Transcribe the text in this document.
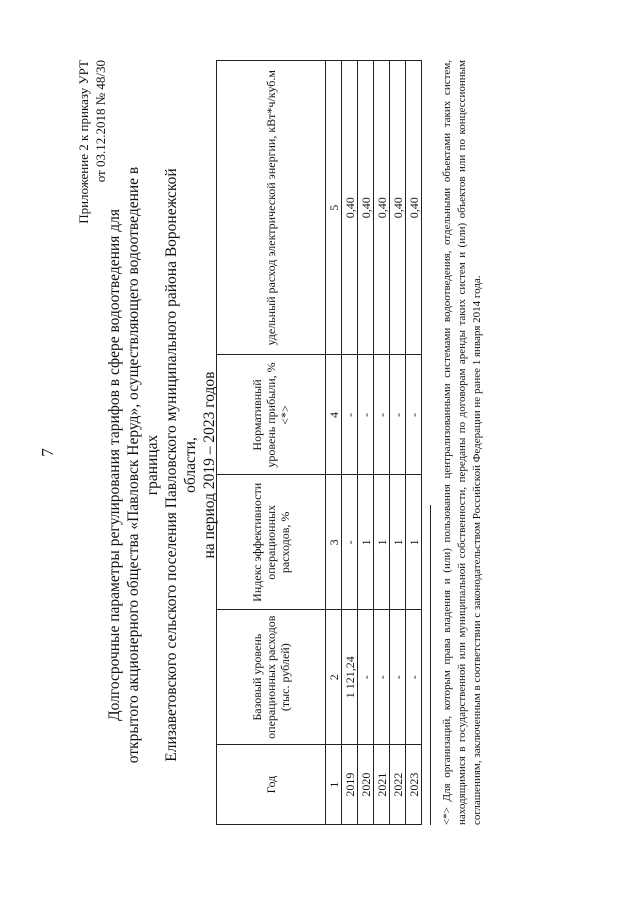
7
Приложение 2 к приказу УРТ от 03.12.2018 № 48/30
Долгосрочные параметры регулирования тарифов в сфере водоотведения для открытого акционерного общества «Павловск Неруд», осуществляющего водоотведение в границах Елизаветовского сельского поселения Павловского муниципального района Воронежской области, на период 2019 – 2023 годов
Год	Базовый уровень операционных расходов (тыс. рублей)	Индекс эффективности операционных расходов, %	Нормативный уровень прибыли, % <*>	удельный расход электрической энергии, кВт*ч/куб.м
1	2	3	4	5
2019	1 121,24	-	-	0,40
2020	-	1	-	0,40
2021	-	1	-	0,40
2022	-	1	-	0,40
2023	-	1	-	0,40 <*> Для организаций, которым права владения и (или) пользования централизованными системами водоотведения, отдельными объектами таких систем, находящимися в государственной или муниципальной собственности, переданы по договорам аренды таких систем и (или) объектов или по концессионным соглашениям, заключенным в соответствии с законодательством Российской Федерации не ранее 1 января 2014 года.
